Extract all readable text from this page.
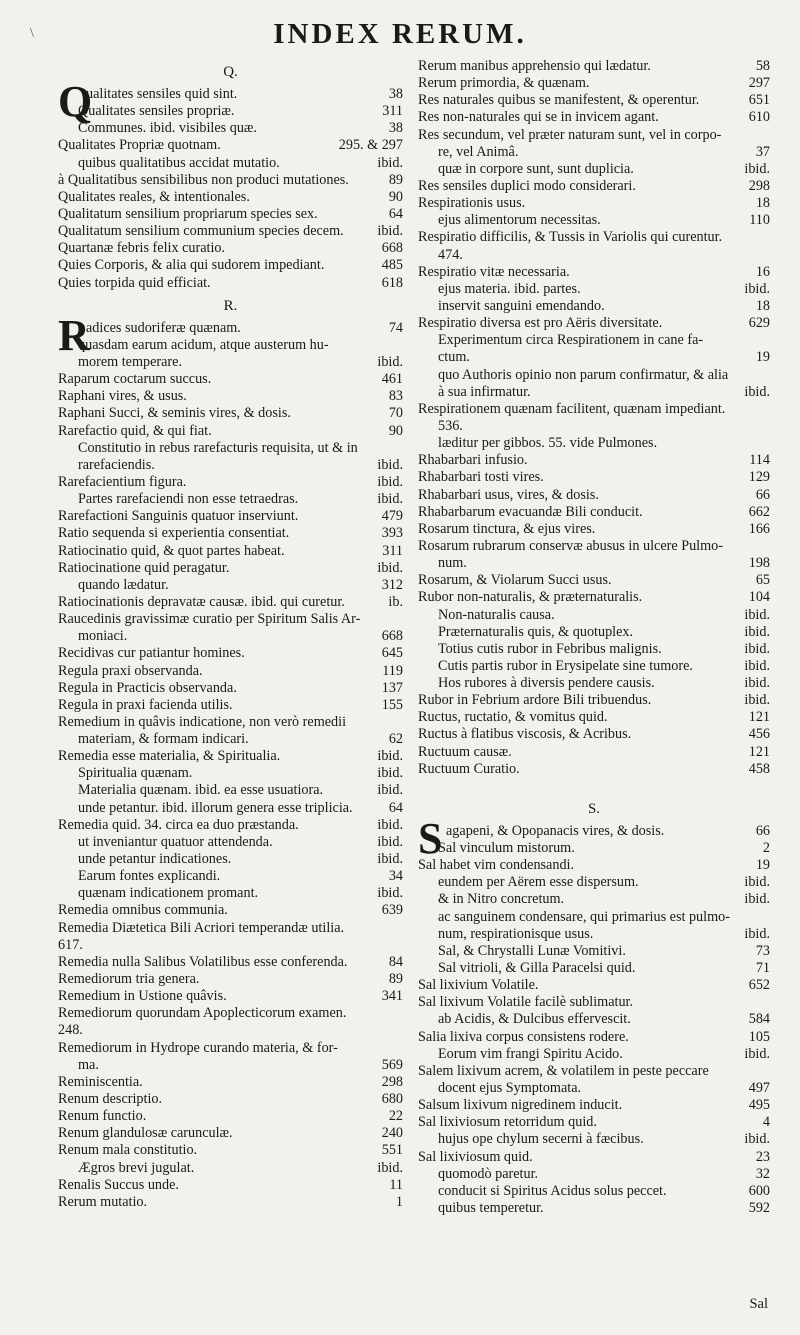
\	INDEX RERUM.
Q.
ualitates sensiles quid sint.	38
Q
Qualitates sensiles propriæ.	311
Communes. ibid. visibiles quæ.	38
Qualitates Propriæ quotnam.	295. & 297
quibus qualitatibus accidat mutatio.	ibid.
à Qualitatibus sensibilibus non produci mutationes.	89
Qualitates reales, & intentionales.	90
Qualitatum sensilium propriarum species sex.	64
Qualitatum sensilium communium species decem. ibid.
Quartanæ febris felix curatio.	668
Quies Corporis, & alia qui sudorem impediant.	485
Quies torpida quid efficiat.	618
R.
adices sudoriferæ quænam.	74
R
quasdam earum acidum, atque austerum hu-
morem temperare.	ibid.
Raparum coctarum succus.	461
Raphani vires, & usus.	83
Raphani Succi, & seminis vires, & dosis.	70
Rarefactio quid, & qui fiat.	90
Constitutio in rebus rarefacturis requisita, ut & in
rarefaciendis.	ibid.
Rarefacientium figura.	ibid.
Partes rarefaciendi non esse tetraedras.	ibid.
Rarefactioni Sanguinis quatuor inserviunt.	479
Ratio sequenda si experientia consentiat.	393
Ratiocinatio quid, & quot partes habeat.	311
Ratiocinatione quid peragatur.	ibid.
quando lædatur.	312
Ratiocinationis depravatæ causæ. ibid. qui curetur.	ib.
Raucedinis gravissimæ curatio per Spiritum Salis Ar-
moniaci.	668
Recidivas cur patiantur homines.	645
Regula praxi observanda.	119
Regula in Practicis observanda.	137
Regula in praxi facienda utilis.	155
Remedium in quâvis indicatione, non verò remedii
materiam, & formam indicari.	62
Remedia esse materialia, & Spiritualia.	ibid.
Spiritualia quænam.	ibid.
Materialia quænam. ibid. ea esse usuatiora.	ibid.
unde petantur. ibid. illorum genera esse triplicia.	64
Remedia quid. 34. circa ea duo præstanda.	ibid.
ut inveniantur quatuor attendenda.	ibid.
unde petantur indicationes.	ibid.
Earum fontes explicandi.	34
quænam indicationem promant.	ibid.
Remedia omnibus communia.	639
Remedia Diætetica Bili Acriori temperandæ utilia.
617.
Remedia nulla Salibus Volatilibus esse conferenda.	84
Remediorum tria genera.	89
Remedium in Ustione quâvis.	341
Remediorum quorundam Apoplecticorum examen.
248.
Remediorum in Hydrope curando materia, & for-
ma.	569
Reminiscentia.	298
Renum descriptio.	680
Renum functio.	22
Renum glandulosæ carunculæ.	240
Renum mala constitutio.	551
Ægros brevi jugulat.	ibid.
Renalis Succus unde.	11
Rerum mutatio.	1
Rerum manibus apprehensio qui lædatur.	58
Rerum primordia, & quænam.	297
Res naturales quibus se manifestent, & operentur.	651
Res non-naturales qui se in invicem agant.	610
Res secundum, vel præter naturam sunt, vel in corpo-
re, vel Animâ.	37
quæ in corpore sunt, sunt duplicia.	ibid.
Res sensiles duplici modo considerari.	298
Respirationis usus.	18
ejus alimentorum necessitas.	110
Respiratio difficilis, & Tussis in Variolis qui curentur.
474.
Respiratio vitæ necessaria.	16
ejus materia. ibid. partes.	ibid.
inservit sanguini emendando.	18
Respiratio diversa est pro Aëris diversitate.	629
Experimentum circa Respirationem in cane fa-
ctum.	19
quo Authoris opinio non parum confirmatur, & alia
à sua infirmatur.	ibid.
Respirationem quænam facilitent, quænam impediant.
536.
læditur per gibbos. 55. vide Pulmones.
Rhabarbari infusio.	114
Rhabarbari tosti vires.	129
Rhabarbari usus, vires, & dosis.	66
Rhabarbarum evacuandæ Bili conducit.	662
Rosarum tinctura, & ejus vires.	166
Rosarum rubrarum conservæ abusus in ulcere Pulmo-
num.	198
Rosarum, & Violarum Succi usus.	65
Rubor non-naturalis, & præternaturalis.	104
Non-naturalis causa.	ibid.
Præternaturalis quis, & quotuplex.	ibid.
Totius cutis rubor in Febribus malignis.	ibid.
Cutis partis rubor in Erysipelate sine tumore.	ibid.
Hos rubores à diversis pendere causis.	ibid.
Rubor in Febrium ardore Bili tribuendus.	ibid.
Ructus, ructatio, & vomitus quid.	121
Ructus à flatibus viscosis, & Acribus.	456
Ructuum causæ.	121
Ructuum Curatio.	458
S.
agapeni, & Opopanacis vires, & dosis.	66
S
Sal vinculum mistorum.	2
Sal habet vim condensandi.	19
eundem per Aërem esse dispersum.	ibid.
& in Nitro concretum.	ibid.
ac sanguinem condensare, qui primarius est pulmo-
num, respirationisque usus.	ibid.
Sal, & Chrystalli Lunæ Vomitivi.	73
Sal vitrioli, & Gilla Paracelsi quid.	71
Sal lixivium Volatile.	652
Sal lixivum Volatile facilè sublimatur.
ab Acidis, & Dulcibus effervescit.	584
Salia lixiva corpus consistens rodere.	105
Eorum vim frangi Spiritu Acido.	ibid.
Salem lixivum acrem, & volatilem in peste peccare
docent ejus Symptomata.	497
Salsum lixivum nigredinem inducit.	495
Sal lixiviosum retorridum quid.	4
hujus ope chylum secerni à fæcibus.	ibid.
Sal lixiviosum quid.	23
quomodò paretur.	32
conducit si Spiritus Acidus solus peccet.	600
quibus temperetur.	592
Sal
